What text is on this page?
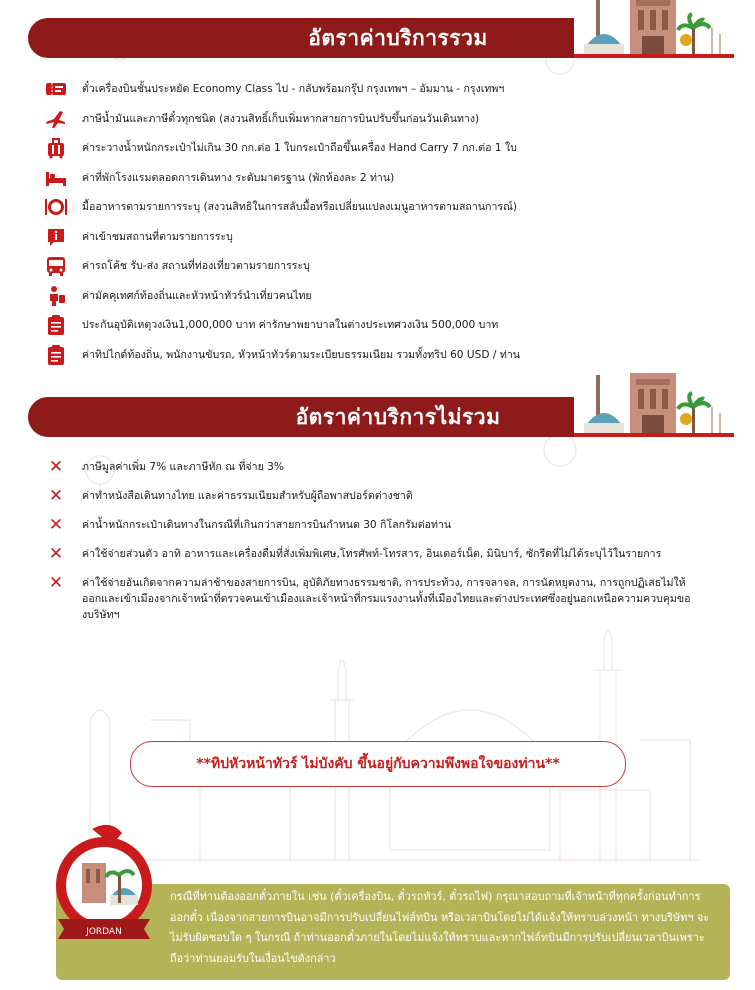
อัตราค่าบริการรวม
ตั๋วเครื่องบินชั้นประหยัด Economy Class ไป - กลับพร้อมกรุ๊ป กรุงเทพฯ – อัมมาน - กรุงเทพฯ
ภาษีน้ำมันและภาษีตั๋วทุกชนิด (สงวนสิทธิ์เก็บเพิ่มหากสายการบินปรับขึ้นก่อนวันเดินทาง)
ค่าระวางน้ำหนักกระเป๋าไม่เกิน 30 กก.ต่อ 1 ใบกระเป๋าถือขึ้นเครื่อง Hand Carry 7 กก.ต่อ 1 ใบ
ค่าที่พักโรงแรมตลอดการเดินทาง ระดับมาตรฐาน (พักห้องละ 2 ท่าน)
มื้ออาหารตามรายการระบุ (สงวนสิทธิในการสลับมื้อหรือเปลี่ยนแปลงเมนูอาหารตามสถานการณ์)
ค่าเข้าชมสถานที่ตามรายการระบุ
ค่ารถโค้ช รับ-ส่ง สถานที่ท่องเที่ยวตามรายการระบุ
ค่ามัคคุเทศก์ท้องถิ่นและหัวหน้าทัวร์นำเที่ยวคนไทย
ประกันอุบัติเหตุวงเงิน1,000,000 บาท ค่ารักษาพยาบาลในต่างประเทศวงเงิน 500,000 บาท
ค่าทิปไกด์ท้องถิ่น, พนักงานขับรถ, หัวหน้าทัวร์ตามระเบียบธรรมเนียม รวมทั้งทริป 60 USD / ท่าน
อัตราค่าบริการไม่รวม
✕ ภาษีมูลค่าเพิ่ม 7% และภาษีหัก ณ ที่จ่าย 3%
✕ ค่าทำหนังสือเดินทางไทย และค่าธรรมเนียมสำหรับผู้ถือพาสปอร์ตต่างชาติ
✕ ค่าน้ำหนักกระเป๋าเดินทางในกรณีที่เกินกว่าสายการบินกำหนด 30 กิโลกรัมต่อท่าน
✕ ค่าใช้จ่ายส่วนตัว อาทิ อาหารและเครื่องดื่มที่สั่งเพิ่มพิเศษ,โทรศัพท์-โทรสาร, อินเตอร์เน็ต, มินิบาร์, ซักรีดที่ไม่ได้ระบุไว้ในรายการ
✕ ค่าใช้จ่ายอันเกิดจากความล่าช้าของสายการบิน, อุบัติภัยทางธรรมชาติ, การประท้วง, การจลาจล, การนัดหยุดงาน, การถูกปฏิเสธไม่ให้ออกและเข้าเมืองจากเจ้าหน้าที่ตรวจคนเข้าเมืองและเจ้าหน้าที่กรมแรงงานทั้งที่เมืองไทยและต่างประเทศซึ่งอยู่นอกเหนือความควบคุมของบริษัทฯ
**ทิปหัวหน้าทัวร์ ไม่บังคับ ขึ้นอยู่กับความพึงพอใจของท่าน**
กรณีที่ท่านต้องออกตั๋วภายใน เช่น (ตั๋วเครื่องบิน, ตั๋วรถทัวร์, ตั๋วรถไฟ) กรุณาสอบถามที่เจ้าหน้าที่ทุกครั้งก่อนทำการออกตั๋ว เนื่องจากสายการบินอาจมีการปรับเปลี่ยนไฟล์ทบิน หรือเวลาบินโดยไม่ได้แจ้งให้ทราบล่วงหน้า ทางบริษัทฯ จะไม่รับผิดชอบใด ๆ ในกรณี ถ้าท่านออกตั๋วภายในโดยไม่แจ้งให้ทราบและหากไฟล์ทบินมีการปรับเปลี่ยนเวลาบินเพราะถือว่าท่านยอมรับในเงื่อนไขดังกล่าว
JORDAN
